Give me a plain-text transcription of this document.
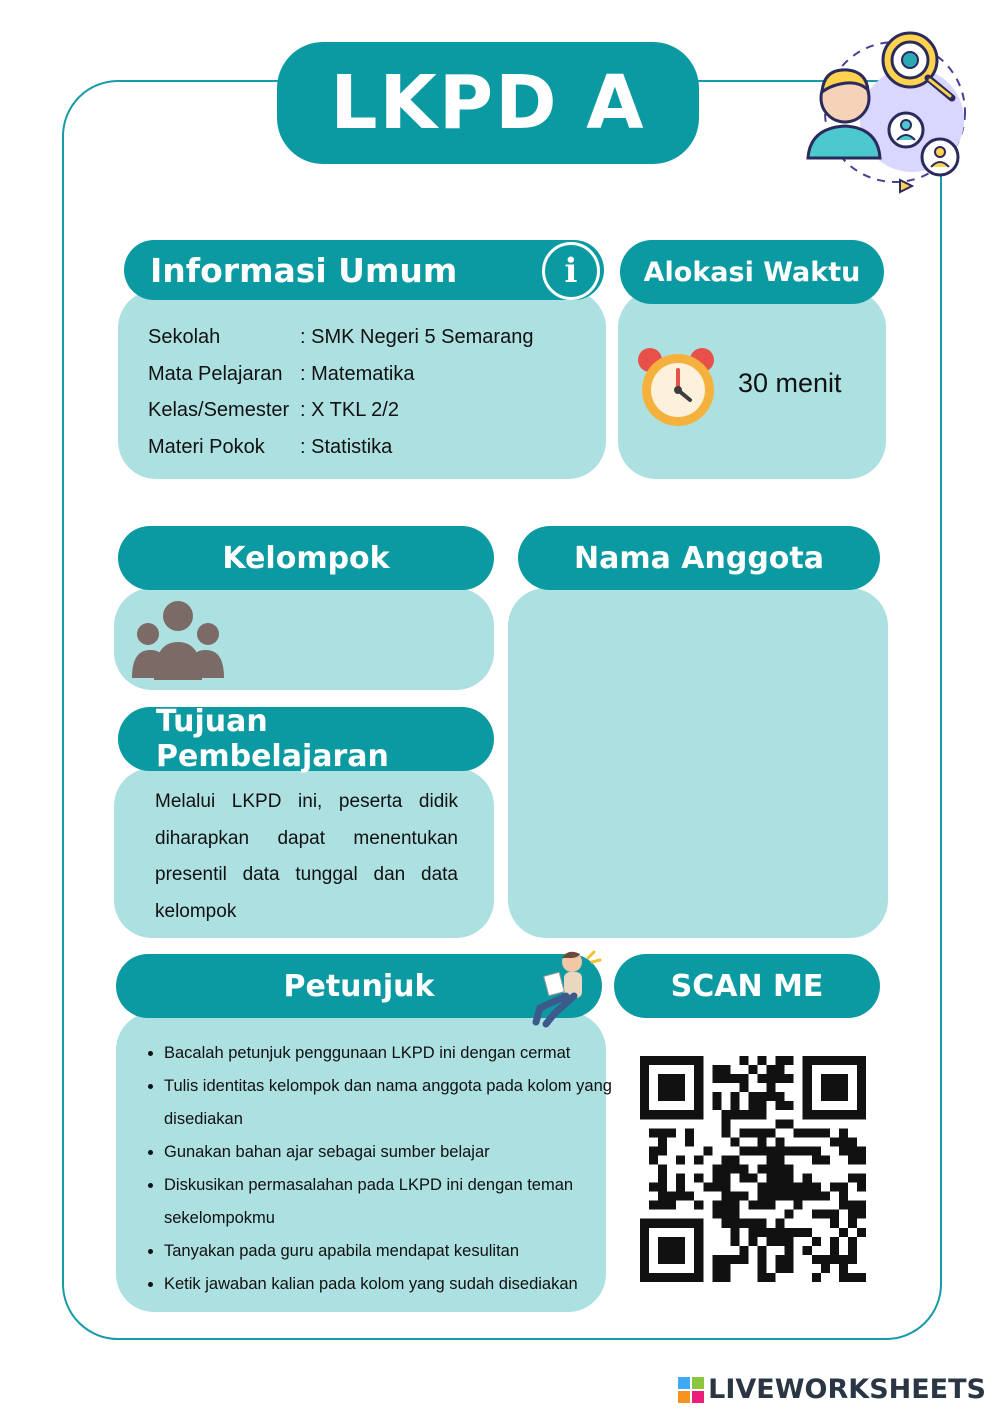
LKPD A
Informasi Umum	i
Sekolah	: SMK Negeri 5 Semarang
Mata Pelajaran : Matematika
Kelas/Semester : X TKL 2/2
Materi Pokok : Statistika
Alokasi Waktu
30 menit
Kelompok	Nama Anggota
Tujuan Pembelajaran
Melalui LKPD ini, peserta didik diharapkan dapat menentukan presentil data tunggal dan data kelompok
Petunjuk
• Bacalah petunjuk penggunaan LKPD ini dengan cermat
• Tulis identitas kelompok dan nama anggota pada kolom yang disediakan
• Gunakan bahan ajar sebagai sumber belajar
• Diskusikan permasalahan pada LKPD ini dengan teman sekelompokmu
• Tanyakan pada guru apabila mendapat kesulitan
• Ketik jawaban kalian pada kolom yang sudah disediakan
SCAN ME
LIVEWORKSHEETS
